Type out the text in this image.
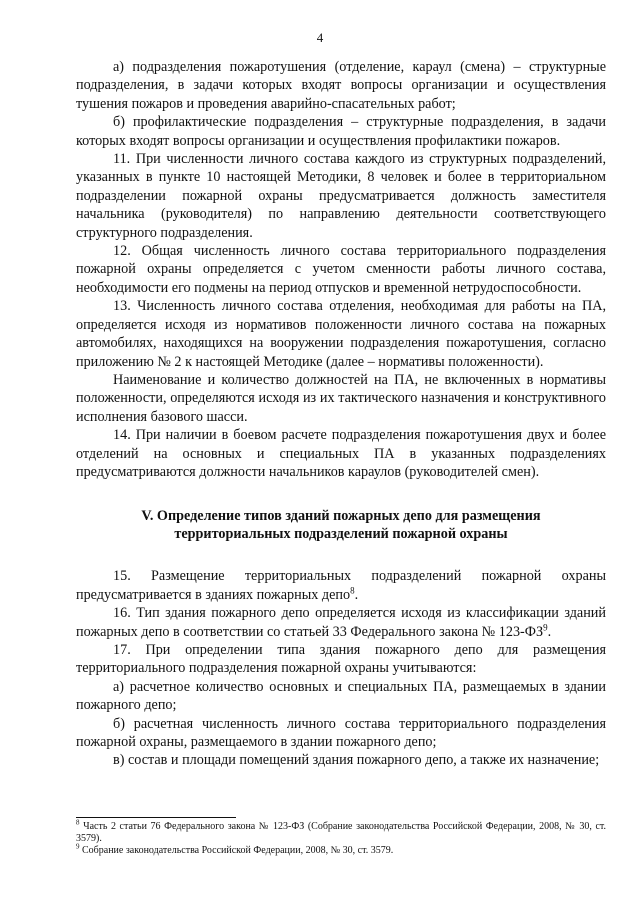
4

а) подразделения пожаротушения (отделение, караул (смена) – структурные подразделения, в задачи которых входят вопросы организации и осуществления тушения пожаров и проведения аварийно-спасательных работ;

б) профилактические подразделения – структурные подразделения, в задачи которых входят вопросы организации и осуществления профилактики пожаров.

11. При численности личного состава каждого из структурных подразделений, указанных в пункте 10 настоящей Методики, 8 человек и более в территориальном подразделении пожарной охраны предусматривается должность заместителя начальника (руководителя) по направлению деятельности соответствующего структурного подразделения.

12. Общая численность личного состава территориального подразделения пожарной охраны определяется с учетом сменности работы личного состава, необходимости его подмены на период отпусков и временной нетрудоспособности.

13. Численность личного состава отделения, необходимая для работы на ПА, определяется исходя из нормативов положенности личного состава на пожарных автомобилях, находящихся на вооружении подразделения пожаротушения, согласно приложению № 2 к настоящей Методике (далее – нормативы положенности).

Наименование и количество должностей на ПА, не включенных в нормативы положенности, определяются исходя из их тактического назначения и конструктивного исполнения базового шасси.

14. При наличии в боевом расчете подразделения пожаротушения двух и более отделений на основных и специальных ПА в указанных подразделениях предусматриваются должности начальников караулов (руководителей смен).

V. Определение типов зданий пожарных депо для размещения
территориальных подразделений пожарной охраны

15. Размещение территориальных подразделений пожарной охраны предусматривается в зданиях пожарных депо$^8$.

16. Тип здания пожарного депо определяется исходя из классификации зданий пожарных депо в соответствии со статьей 33 Федерального закона № 123-ФЗ$^9$.

17. При определении типа здания пожарного депо для размещения территориального подразделения пожарной охраны учитываются:

а) расчетное количество основных и специальных ПА, размещаемых в здании пожарного депо;

б) расчетная численность личного состава территориального подразделения пожарной охраны, размещаемого в здании пожарного депо;

в) состав и площади помещений здания пожарного депо, а также их назначение;

$^8$ Часть 2 статьи 76 Федерального закона № 123-ФЗ (Собрание законодательства Российской Федерации, 2008, № 30, ст. 3579).

$^9$ Собрание законодательства Российской Федерации, 2008, № 30, ст. 3579.
